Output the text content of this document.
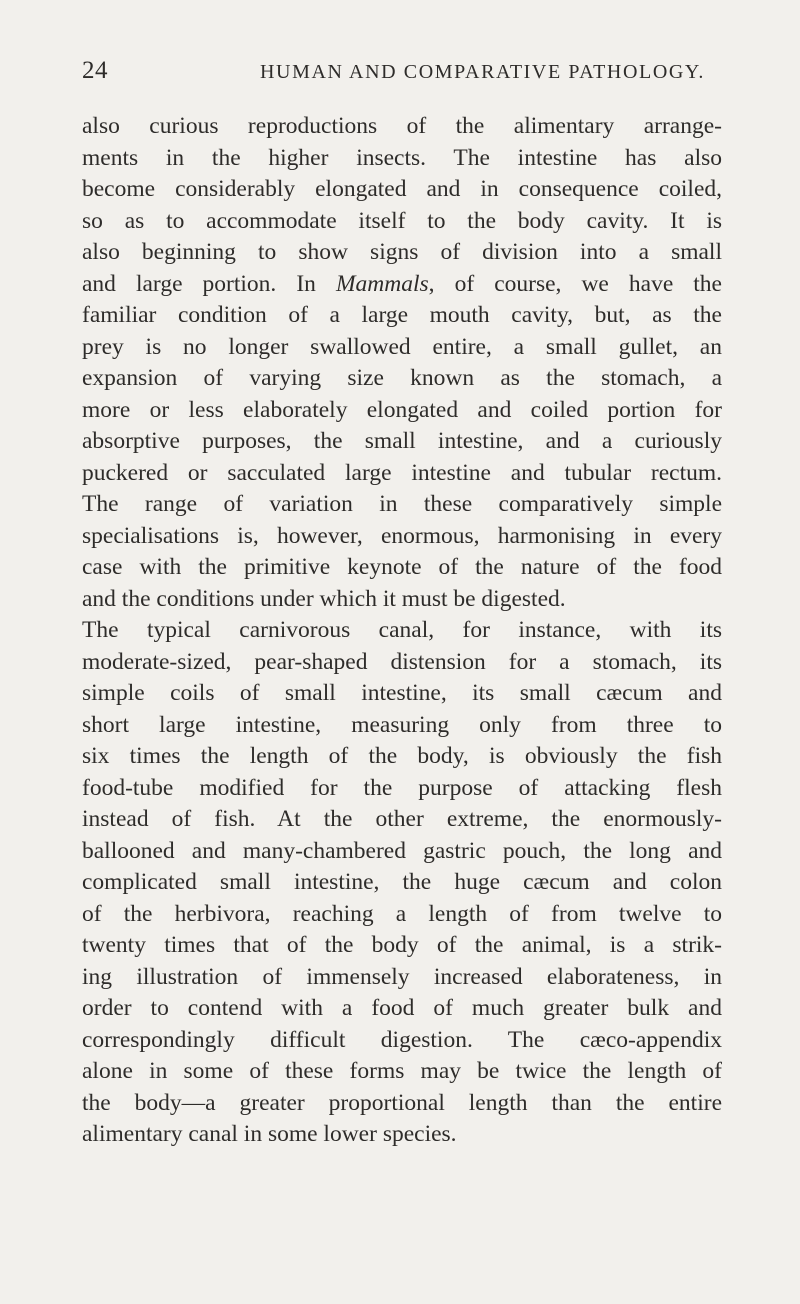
24	HUMAN AND COMPARATIVE PATHOLOGY.
also curious reproductions of the alimentary arrange-
ments in the higher insects. The intestine has also
become considerably elongated and in consequence coiled,
so as to accommodate itself to the body cavity. It is
also beginning to show signs of division into a small
and large portion. In Mammals, of course, we have the
familiar condition of a large mouth cavity, but, as the
prey is no longer swallowed entire, a small gullet, an
expansion of varying size known as the stomach, a
more or less elaborately elongated and coiled portion for
absorptive purposes, the small intestine, and a curiously
puckered or sacculated large intestine and tubular rectum.
The range of variation in these comparatively simple
specialisations is, however, enormous, harmonising in every
case with the primitive keynote of the nature of the food
and the conditions under which it must be digested.
The typical carnivorous canal, for instance, with its
moderate-sized, pear-shaped distension for a stomach, its
simple coils of small intestine, its small cæcum and
short large intestine, measuring only from three to
six times the length of the body, is obviously the fish
food-tube modified for the purpose of attacking flesh
instead of fish. At the other extreme, the enormously-
ballooned and many-chambered gastric pouch, the long and
complicated small intestine, the huge cæcum and colon
of the herbivora, reaching a length of from twelve to
twenty times that of the body of the animal, is a strik-
ing illustration of immensely increased elaborateness, in
order to contend with a food of much greater bulk and
correspondingly difficult digestion. The cæco-appendix
alone in some of these forms may be twice the length of
the body—a greater proportional length than the entire
alimentary canal in some lower species.
